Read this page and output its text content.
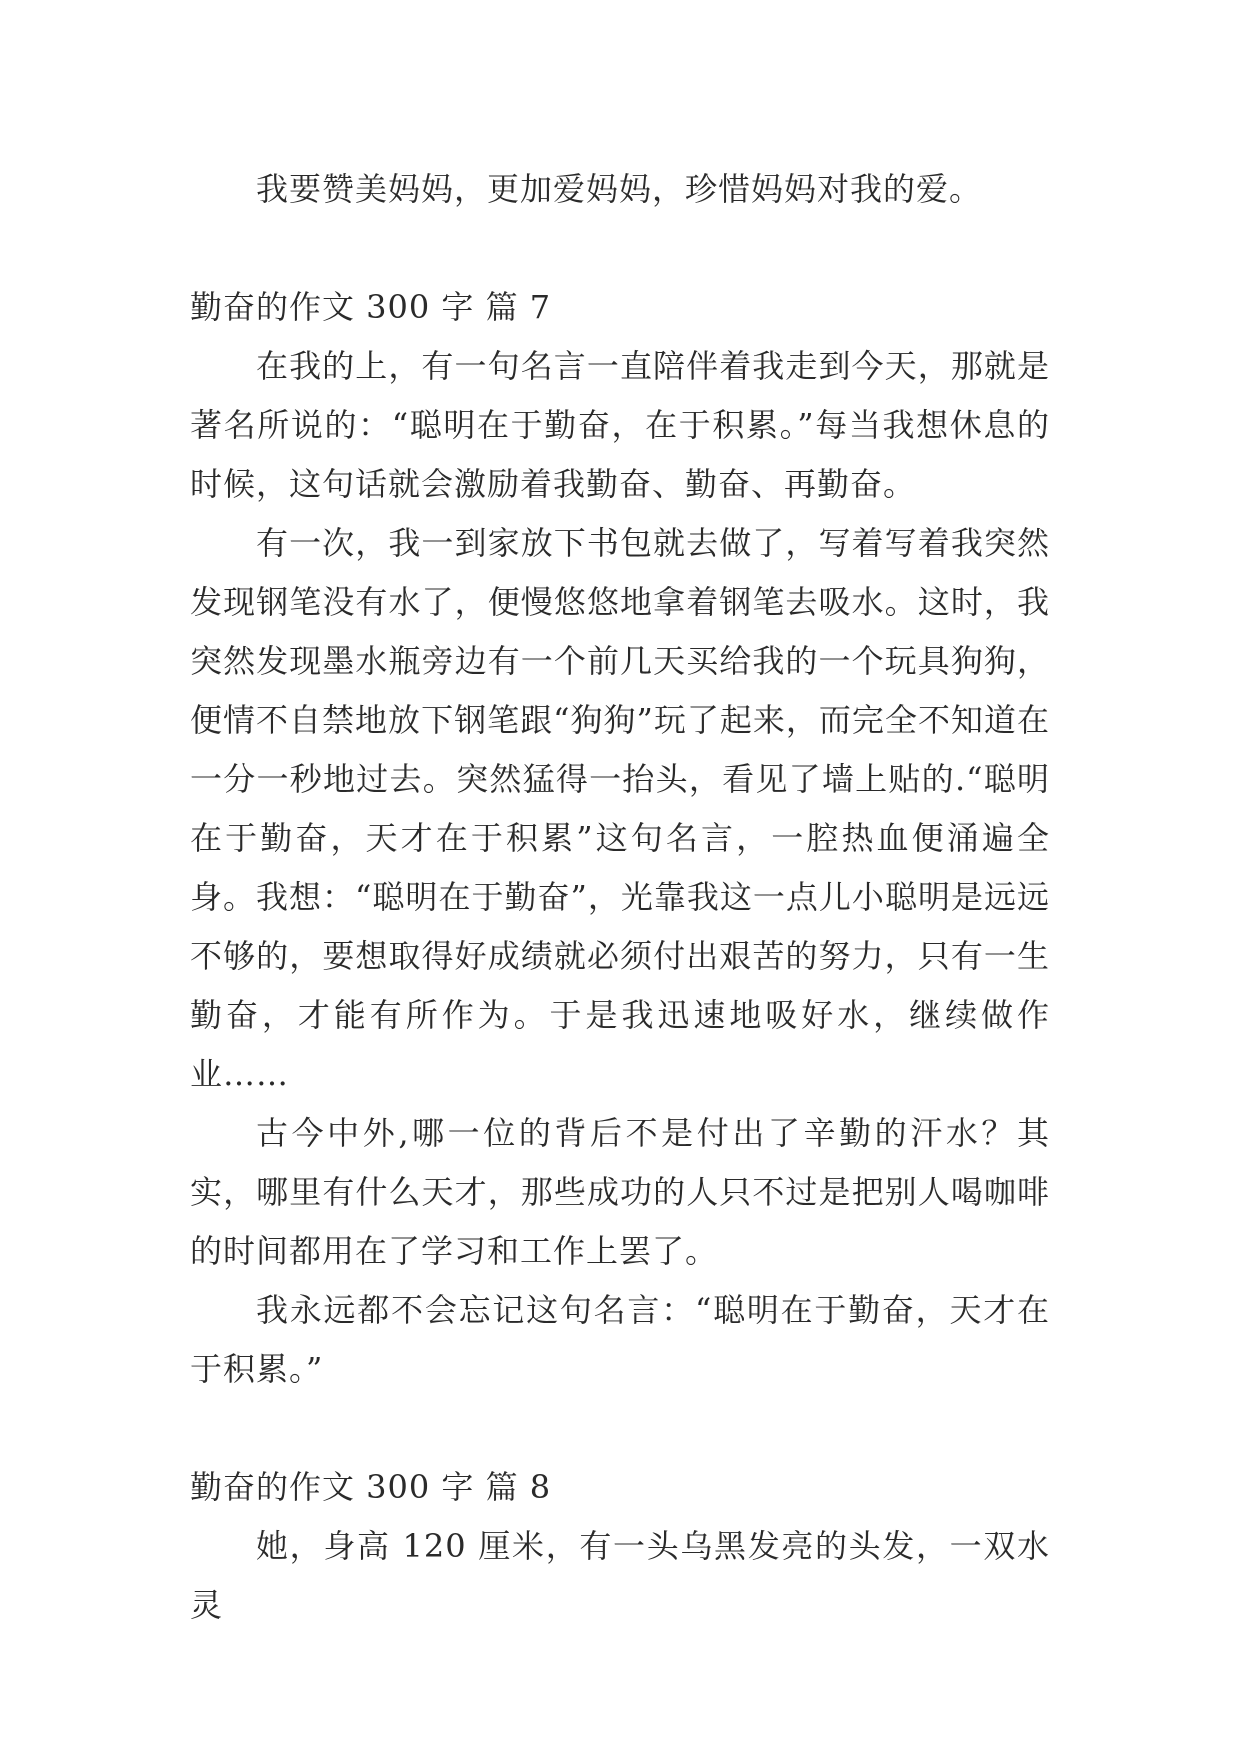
我要赞美妈妈，更加爱妈妈，珍惜妈妈对我的爱。

勤奋的作文 300 字 篇 7

在我的上，有一句名言一直陪伴着我走到今天，那就是著名所说的：“聪明在于勤奋，在于积累。”每当我想休息的时候，这句话就会激励着我勤奋、勤奋、再勤奋。

有一次，我一到家放下书包就去做了，写着写着我突然发现钢笔没有水了，便慢悠悠地拿着钢笔去吸水。这时，我突然发现墨水瓶旁边有一个前几天买给我的一个玩具狗狗，便情不自禁地放下钢笔跟“狗狗”玩了起来，而完全不知道在一分一秒地过去。突然猛得一抬头，看见了墙上贴的.“聪明在于勤奋，天才在于积累”这句名言，一腔热血便涌遍全身。我想：“聪明在于勤奋”，光靠我这一点儿小聪明是远远不够的，要想取得好成绩就必须付出艰苦的努力，只有一生勤奋，才能有所作为。于是我迅速地吸好水，继续做作业……

古今中外,哪一位的背后不是付出了辛勤的汗水？其实，哪里有什么天才，那些成功的人只不过是把别人喝咖啡的时间都用在了学习和工作上罢了。

我永远都不会忘记这句名言：“聪明在于勤奋，天才在于积累。”

勤奋的作文 300 字 篇 8

她，身高 120 厘米，有一头乌黑发亮的头发，一双水灵
